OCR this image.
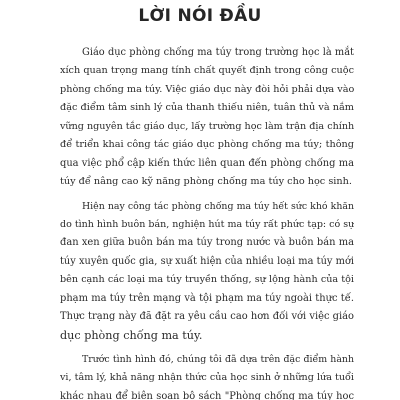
LỜI NÓI ĐẦU
Giáo dục phòng chống ma túy trong trường học là mắt
xích quan trọng mang tính chất quyết định trong công cuộc
phòng chống ma túy. Việc giáo dục này đòi hỏi phải dựa vào
đặc điểm tâm sinh lý của thanh thiếu niên, tuân thủ và nắm
vững nguyên tắc giáo dục, lấy trường học làm trận địa chính
để triển khai công tác giáo dục phòng chống ma túy; thông
qua việc phổ cập kiến thức liên quan đến phòng chống ma
túy để nâng cao kỹ năng phòng chống ma túy cho học sinh.
Hiện nay công tác phòng chống ma túy hết sức khó khăn
do tình hình buôn bán, nghiện hút ma túy rất phức tạp: có sự
đan xen giữa buôn bán ma túy trong nước và buôn bán ma
túy xuyên quốc gia, sự xuất hiện của nhiều loại ma túy mới
bên cạnh các loại ma túy truyền thống, sự lộng hành của tội
phạm ma túy trên mạng và tội phạm ma túy ngoài thực tế.
Thực trạng này đã đặt ra yêu cầu cao hơn đối với việc giáo
dục phòng chống ma túy.
Trước tình hình đó, chúng tôi đã dựa trên đặc điểm hành
vi, tâm lý, khả năng nhận thức của học sinh ở những lứa tuổi
khác nhau để biên soạn bộ sách "Phòng chống ma túy học
